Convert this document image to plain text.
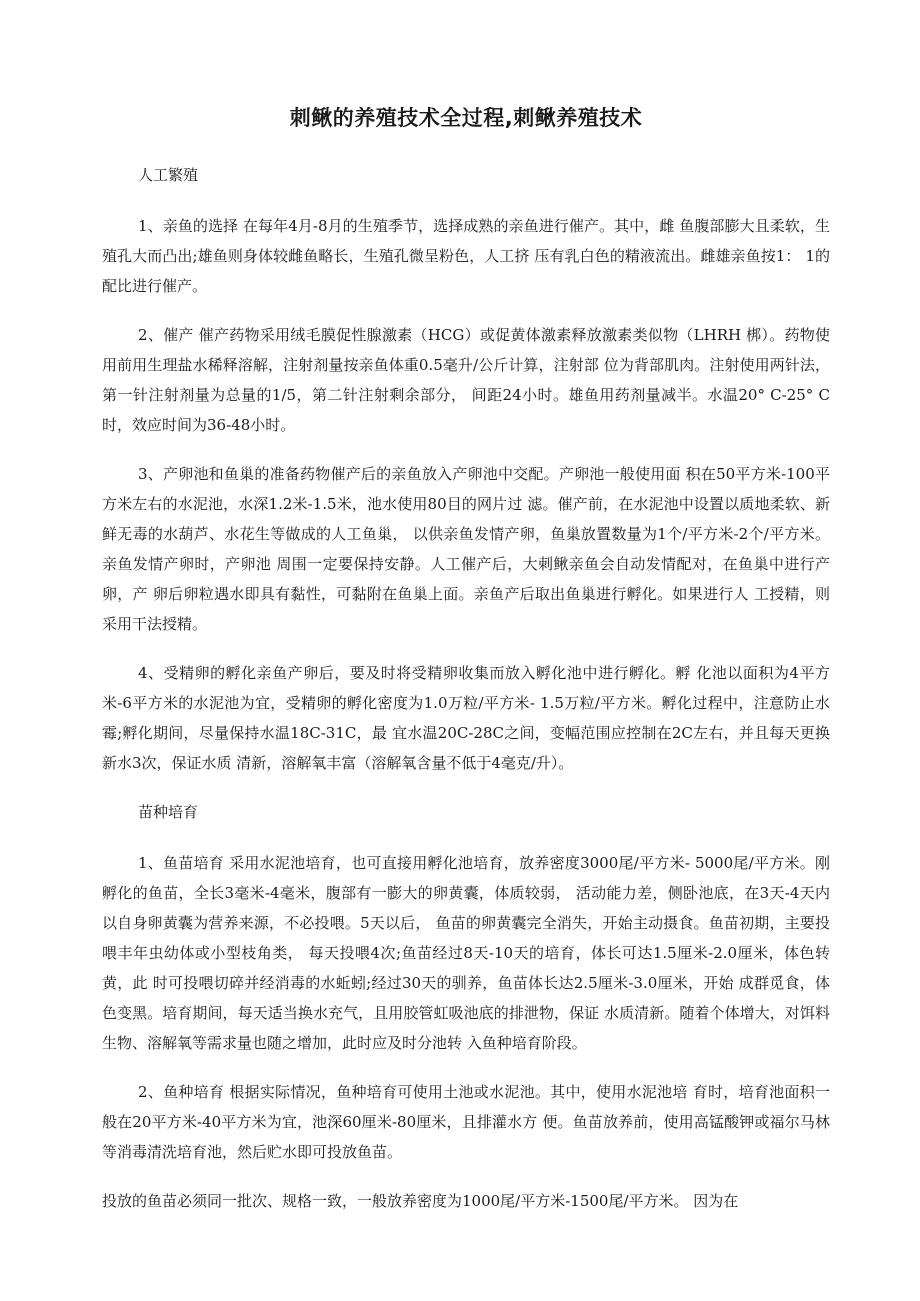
刺鳅的养殖技术全过程,刺鳅养殖技术
人工繁殖

1、亲鱼的选择 在每年4月-8月的生殖季节，选择成熟的亲鱼进行催产。其中，雌 鱼腹部膨大且柔软，生殖孔大而凸出;雄鱼则身体较雌鱼略长，生殖孔微呈粉色，人工挤 压有乳白色的精液流出。雌雄亲鱼按1： 1的配比进行催产。

2、催产 催产药物采用绒毛膜促性腺激素（HCG）或促黄体激素释放激素类似物（LHRH 梆）。药物使用前用生理盐水稀释溶解，注射剂量按亲鱼体重0.5毫升/公斤计算，注射部 位为背部肌肉。注射使用两针法，第一针注射剂量为总量的1/5，第二针注射剩余部分， 间距24小时。雄鱼用药剂量减半。水温20° C-25° C时，效应时间为36-48小时。

3、产卵池和鱼巢的准备药物催产后的亲鱼放入产卵池中交配。产卵池一般使用面 积在50平方米-100平方米左右的水泥池，水深1.2米-1.5米，池水使用80目的网片过 滤。催产前，在水泥池中设置以质地柔软、新鲜无毒的水葫芦、水花生等做成的人工鱼巢， 以供亲鱼发情产卵，鱼巢放置数量为1个/平方米-2个/平方米。亲鱼发情产卵时，产卵池 周围一定要保持安静。人工催产后，大刺鳅亲鱼会自动发情配对，在鱼巢中进行产卵，产 卵后卵粒遇水即具有黏性，可黏附在鱼巢上面。亲鱼产后取出鱼巢进行孵化。如果进行人 工授精，则采用干法授精。

4、受精卵的孵化亲鱼产卵后，要及时将受精卵收集而放入孵化池中进行孵化。孵 化池以面积为4平方米-6平方米的水泥池为宜，受精卵的孵化密度为1.0万粒/平方米- 1.5万粒/平方米。孵化过程中，注意防止水霉;孵化期间，尽量保持水温18C-31C，最 宜水温20C-28C之间，变幅范围应控制在2C左右，并且每天更换新水3次，保证水质 清新，溶解氧丰富（溶解氧含量不低于4毫克/升）。

苗种培育

1、鱼苗培育 采用水泥池培育，也可直接用孵化池培育，放养密度3000尾/平方米- 5000尾/平方米。刚孵化的鱼苗，全长3毫米-4毫米，腹部有一膨大的卵黄囊，体质较弱， 活动能力差，侧卧池底，在3天-4天内以自身卵黄囊为营养来源，不必投喂。5天以后， 鱼苗的卵黄囊完全消失，开始主动摄食。鱼苗初期，主要投喂丰年虫幼体或小型枝角类， 每天投喂4次;鱼苗经过8天-10天的培育，体长可达1.5厘米-2.0厘米，体色转黄，此 时可投喂切碎并经消毒的水蚯蚓;经过30天的驯养，鱼苗体长达2.5厘米-3.0厘米，开始 成群觅食，体色变黑。培育期间，每天适当换水充气，且用胶管虹吸池底的排泄物，保证 水质清新。随着个体增大，对饵料生物、溶解氧等需求量也随之增加，此时应及时分池转 入鱼种培育阶段。

2、鱼种培育 根据实际情况，鱼种培育可使用土池或水泥池。其中，使用水泥池培 育时，培育池面积一般在20平方米-40平方米为宜，池深60厘米-80厘米，且排灌水方 便。鱼苗放养前，使用高锰酸钾或福尔马林等消毒清洗培育池，然后贮水即可投放鱼苗。

投放的鱼苗必须同一批次、规格一致，一般放养密度为1000尾/平方米-1500尾/平方米。 因为在
